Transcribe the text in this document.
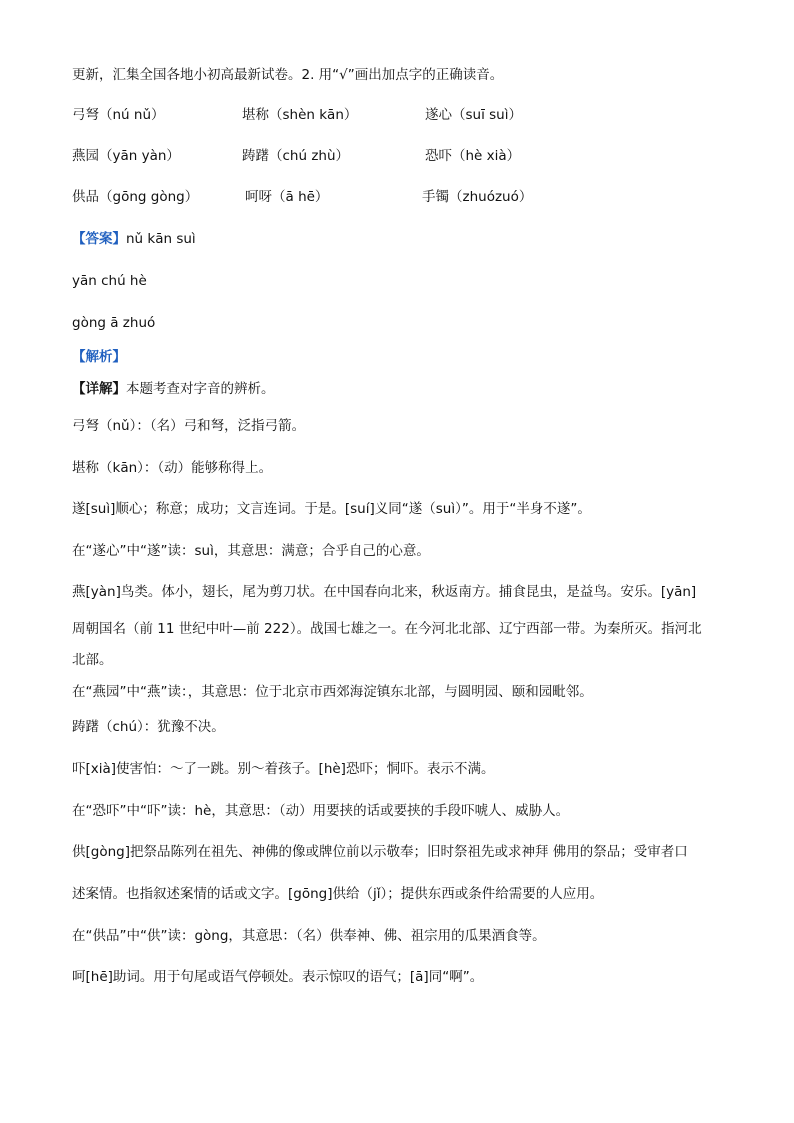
更新，汇集全国各地小初高最新试卷。2. 用“√”画出加点字的正确读音。
弓弩（nú nǔ）	堪称（shèn kān）	遂心（suī suì）
燕园（yān yàn）	踌躇（chú zhù）	恐吓（hè xià）
供品（gōng gòng）	呵呀（ā hē）	手镯（zhuózuó）
【答案】nǔ kān suì
yān chú hè
gòng ā zhuó
【解析】
【详解】本题考查对字音的辨析。
弓弩（nǔ）：（名）弓和弩，泛指弓箭。
堪称（kān）：（动）能够称得上。
遂[suì]顺心；称意；成功；文言连词。于是。[suí]义同“遂（suì）”。用于“半身不遂”。
在“遂心”中“遂”读：suì，其意思：满意；合乎自己的心意。
燕[yàn]鸟类。体小，翅长，尾为剪刀状。在中国春向北来，秋返南方。捕食昆虫，是益鸟。安乐。[yān]
周朝国名（前 11 世纪中叶—前 222）。战国七雄之一。在今河北北部、辽宁西部一带。为秦所灭。指河北
北部。
在“燕园”中“燕”读：，其意思：位于北京市西郊海淀镇东北部，与圆明园、颐和园毗邻。
踌躇（chú）：犹豫不决。
吓[xià]使害怕：～了一跳。别～着孩子。[hè]恐吓；恫吓。表示不满。
在“恐吓”中“吓”读：hè，其意思：（动）用要挟的话或要挟的手段吓唬人、威胁人。
供[gòng]把祭品陈列在祖先、神佛的像或牌位前以示敬奉；旧时祭祖先或求神拜 佛用的祭品；受审者口
述案情。也指叙述案情的话或文字。[gōng]供给（jǐ）；提供东西或条件给需要的人应用。
在“供品”中“供”读：gòng，其意思：（名）供奉神、佛、祖宗用的瓜果酒食等。
呵[hē]助词。用于句尾或语气停顿处。表示惊叹的语气；[ā]同“啊”。
